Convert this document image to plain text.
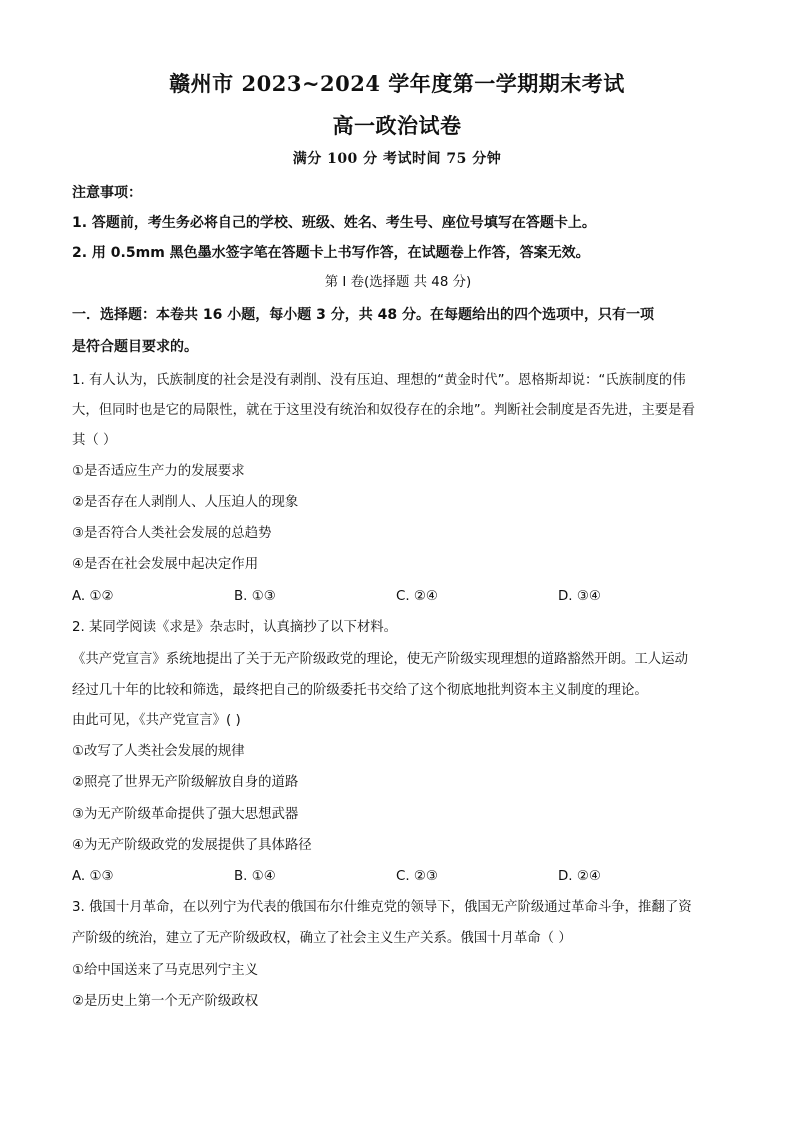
赣州市 2023~2024 学年度第一学期期末考试
高一政治试卷
满分 100 分 考试时间 75 分钟
注意事项：
1. 答题前，考生务必将自己的学校、班级、姓名、考生号、座位号填写在答题卡上。
2. 用 0.5mm 黑色墨水签字笔在答题卡上书写作答，在试题卷上作答，答案无效。
第 I 卷(选择题 共 48 分)
一．选择题：本卷共 16 小题，每小题 3 分，共 48 分。在每题给出的四个选项中，只有一项
是符合题目要求的。
1. 有人认为，氏族制度的社会是没有剥削、没有压迫、理想的“黄金时代”。恩格斯却说：“氏族制度的伟
大，但同时也是它的局限性，就在于这里没有统治和奴役存在的余地”。判断社会制度是否先进，主要是看
其（ ）
①是否适应生产力的发展要求
②是否存在人剥削人、人压迫人的现象
③是否符合人类社会发展的总趋势
④是否在社会发展中起决定作用
A. ①②	B. ①③	C. ②④	D. ③④
2. 某同学阅读《求是》杂志时，认真摘抄了以下材料。
《共产党宣言》系统地提出了关于无产阶级政党的理论，使无产阶级实现理想的道路豁然开朗。工人运动
经过几十年的比较和筛选，最终把自己的阶级委托书交给了这个彻底地批判资本主义制度的理论。
由此可见，《共产党宣言》( )
①改写了人类社会发展的规律
②照亮了世界无产阶级解放自身的道路
③为无产阶级革命提供了强大思想武器
④为无产阶级政党的发展提供了具体路径
A. ①③	B. ①④	C. ②③	D. ②④
3. 俄国十月革命，在以列宁为代表的俄国布尔什维克党的领导下，俄国无产阶级通过革命斗争，推翻了资
产阶级的统治，建立了无产阶级政权，确立了社会主义生产关系。俄国十月革命（ ）
①给中国送来了马克思列宁主义
②是历史上第一个无产阶级政权
